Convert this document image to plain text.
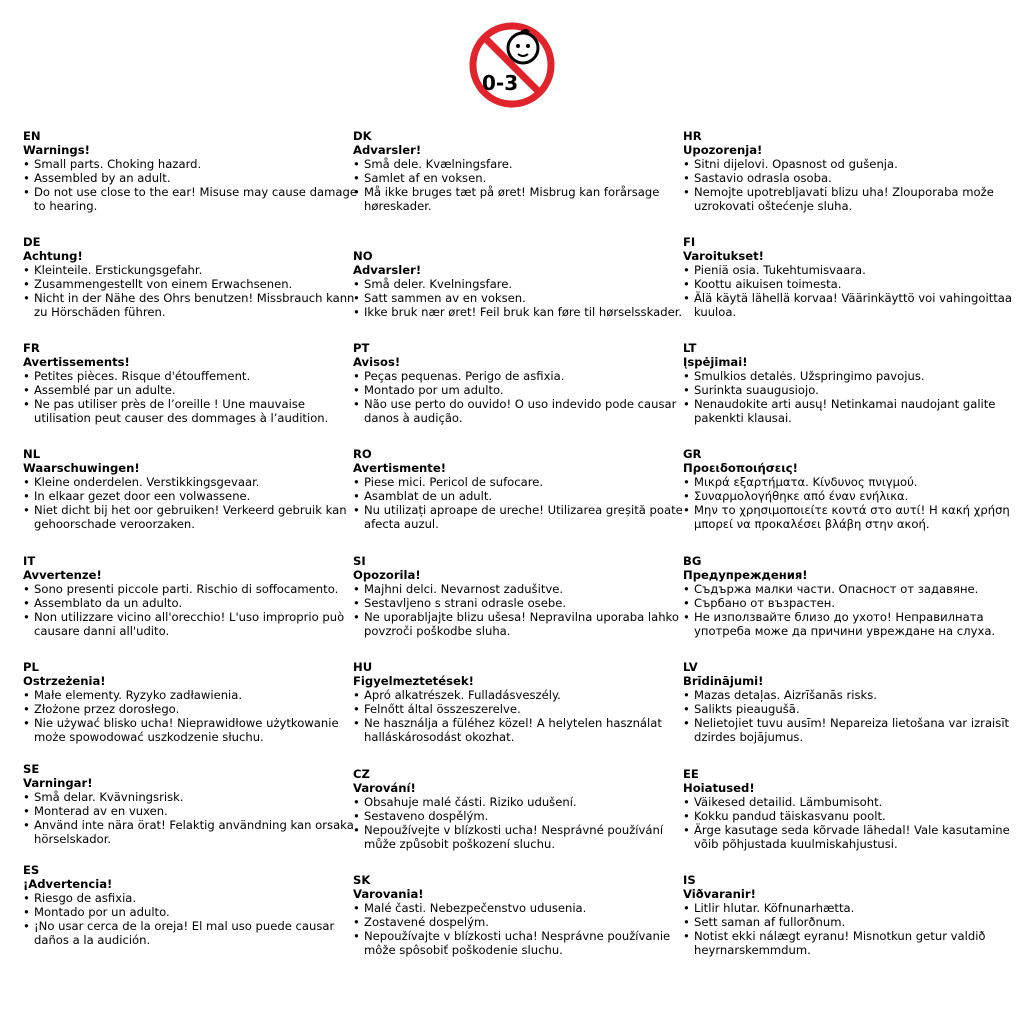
0-3
EN
Warnings!
• Small parts. Choking hazard.
• Assembled by an adult.
• Do not use close to the ear! Misuse may cause damage to hearing.
DE
Achtung!
• Kleinteile. Erstickungsgefahr.
• Zusammengestellt von einem Erwachsenen.
• Nicht in der Nähe des Ohrs benutzen! Missbrauch kann zu Hörschäden führen.
FR
Avertissements!
• Petites pièces. Risque d'étouffement.
• Assemblé par un adulte.
• Ne pas utiliser près de l’oreille ! Une mauvaise utilisation peut causer des dommages à l’audition.
NL
Waarschuwingen!
• Kleine onderdelen. Verstikkingsgevaar.
• In elkaar gezet door een volwassene.
• Niet dicht bij het oor gebruiken! Verkeerd gebruik kan gehoorschade veroorzaken.
IT
Avvertenze!
• Sono presenti piccole parti. Rischio di soffocamento.
• Assemblato da un adulto.
• Non utilizzare vicino all'orecchio! L'uso improprio può causare danni all'udito.
PL
Ostrzeżenia!
• Małe elementy. Ryzyko zadławienia.
• Złożone przez dorosłego.
• Nie używać blisko ucha! Nieprawidłowe użytkowanie może spowodować uszkodzenie słuchu.
SE
Varningar!
• Små delar. Kvävningsrisk.
• Monterad av en vuxen.
• Använd inte nära örat! Felaktig användning kan orsaka hörselskador.
ES
¡Advertencia!
• Riesgo de asfixia.
• Montado por un adulto.
• ¡No usar cerca de la oreja! El mal uso puede causar daños a la audición.
DK
Advarsler!
• Små dele. Kvælningsfare.
• Samlet af en voksen.
• Må ikke bruges tæt på øret! Misbrug kan forårsage høreskader.
NO
Advarsler!
• Små deler. Kvelningsfare.
• Satt sammen av en voksen.
• Ikke bruk nær øret! Feil bruk kan føre til hørselsskader.
PT
Avisos!
• Peças pequenas. Perigo de asfixia.
• Montado por um adulto.
• Não use perto do ouvido! O uso indevido pode causar danos à audição.
RO
Avertismente!
• Piese mici. Pericol de sufocare.
• Asamblat de un adult.
• Nu utilizați aproape de ureche! Utilizarea greșită poate afecta auzul.
SI
Opozorila!
• Majhni delci. Nevarnost zadušitve.
• Sestavljeno s strani odrasle osebe.
• Ne uporabljajte blizu ušesa! Nepravilna uporaba lahko povzroči poškodbe sluha.
HU
Figyelmeztetések!
• Apró alkatrészek. Fulladásveszély.
• Felnőtt által összeszerelve.
• Ne használja a füléhez közel! A helytelen használat halláskárosodást okozhat.
CZ
Varování!
• Obsahuje malé části. Riziko udušení.
• Sestaveno dospělým.
• Nepoužívejte v blízkosti ucha! Nesprávné používání může způsobit poškození sluchu.
SK
Varovania!
• Malé časti. Nebezpečenstvo udusenia.
• Zostavené dospelým.
• Nepoužívajte v blízkosti ucha! Nesprávne používanie môže spôsobiť poškodenie sluchu.
HR
Upozorenja!
• Sitni dijelovi. Opasnost od gušenja.
• Sastavio odrasla osoba.
• Nemojte upotrebljavati blizu uha! Zlouporaba može uzrokovati oštećenje sluha.
FI
Varoitukset!
• Pieniä osia. Tukehtumisvaara.
• Koottu aikuisen toimesta.
• Älä käytä lähellä korvaa! Väärinkäyttö voi vahingoittaa kuuloa.
LT
Įspėjimai!
• Smulkios detalės. Užspringimo pavojus.
• Surinkta suaugusiojo.
• Nenaudokite arti ausų! Netinkamai naudojant galite pakenkti klausai.
GR
Προειδοποιήσεις!
• Μικρά εξαρτήματα. Κίνδυνος πνιγμού.
• Συναρμολογήθηκε από έναν ενήλικα.
• Μην το χρησιμοποιείτε κοντά στο αυτί! Η κακή χρήση μπορεί να προκαλέσει βλάβη στην ακοή.
BG
Предупреждения!
• Съдържа малки части. Опасност от задавяне.
• Сърбано от възрастен.
• Не използвайте близо до ухото! Неправилната употреба може да причини увреждане на слуха.
LV
Brīdinājumi!
• Mazas detaļas. Aizrīšanās risks.
• Salikts pieaugušā.
• Nelietojiet tuvu ausīm! Nepareiza lietošana var izraisīt dzirdes bojājumus.
EE
Hoiatused!
• Väikesed detailid. Lämbumisoht.
• Kokku pandud täiskasvanu poolt.
• Ärge kasutage seda kõrvade lähedal! Vale kasutamine võib põhjustada kuulmiskahjustusi.
IS
Viðvaranir!
• Litlir hlutar. Köfnunarhætta.
• Sett saman af fullorðnum.
• Notist ekki nálægt eyranu! Misnotkun getur valdið heyrnarskemmdum.
